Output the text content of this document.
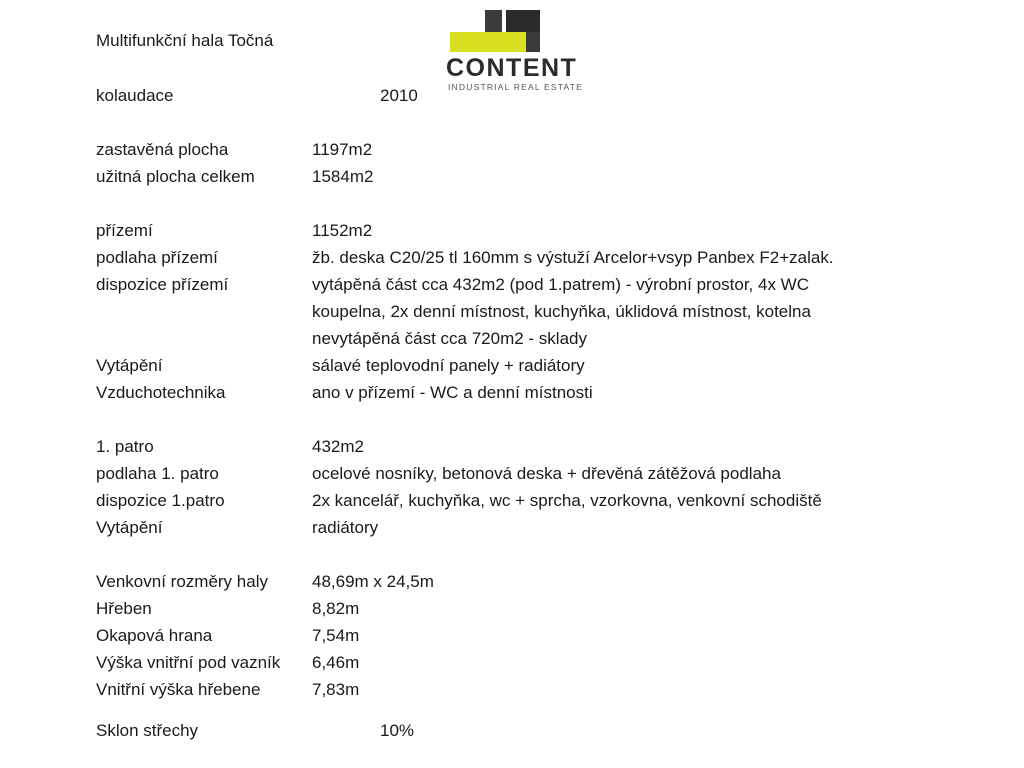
CONTENT
INDUSTRIAL REAL ESTATE
Multifunkční hala Točná
kolaudace	2010
zastavěná plocha	1197m2
užitná plocha celkem	1584m2
přízemí	1152m2
podlaha přízemí	žb. deska C20/25 tl 160mm s výstuží Arcelor+vsyp Panbex F2+zalak.
dispozice přízemí	vytápěná část cca 432m2 (pod 1.patrem) - výrobní prostor, 4x WC
koupelna, 2x denní místnost, kuchyňka, úklidová místnost, kotelna
nevytápěná část cca 720m2 - sklady
Vytápění	sálavé teplovodní panely + radiátory
Vzduchotechnika	ano v přízemí - WC a denní místnosti
1. patro	432m2
podlaha 1. patro	ocelové nosníky, betonová deska + dřevěná zátěžová podlaha
dispozice 1.patro	2x kancelář, kuchyňka, wc + sprcha, vzorkovna, venkovní schodiště
Vytápění	radiátory
Venkovní rozměry haly	48,69m x 24,5m
Hřeben	8,82m
Okapová hrana	7,54m
Výška vnitřní pod vazník	6,46m
Vnitřní výška hřebene	7,83m
Sklon střechy	10%
